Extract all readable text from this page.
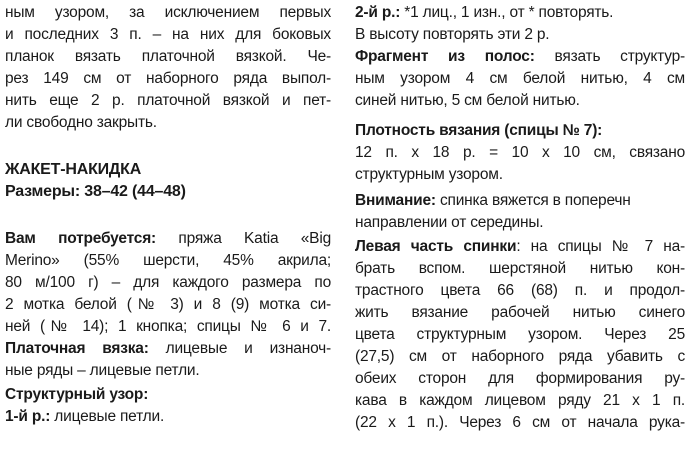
ным узором, за исключением первых
и последних 3 п. – на них для боковых
планок вязать платочной вязкой. Че-
рез 149 см от наборного ряда выпол-
нить еще 2 р. платочной вязкой и пет-
ли свободно закрыть.
ЖАКЕТ-НАКИДКА
Размеры: 38–42 (44–48)
Вам потребуется: пряжа Katia «Big
Merino» (55% шерсти, 45% акрила;
80 м/100 г) – для каждого размера по
2 мотка белой (№ 3) и 8 (9) мотка си-
ней (№ 14); 1 кнопка; спицы № 6 и 7.
Платочная вязка: лицевые и изнаноч-
ные ряды – лицевые петли.
Структурный узор:
1-й р.: лицевые петли.
2-й р.: *1 лиц., 1 изн., от * повторять.
В высоту повторять эти 2 р.
Фрагмент из полос: вязать структур-
ным узором 4 см белой нитью, 4 см
синей нитью, 5 см белой нитью.
Плотность вязания (спицы № 7):
12 п. х 18 р. = 10 х 10 см, связано
структурным узором.
Внимание: спинка вяжется в поперечн
направлении от середины.
Левая часть спинки: на спицы № 7 на-
брать вспом. шерстяной нитью кон-
трастного цвета 66 (68) п. и продол-
жить вязание рабочей нитью синего
цвета структурным узором. Через 25
(27,5) см от наборного ряда убавить с
обеих сторон для формирования ру-
кава в каждом лицевом ряду 21 х 1 п.
(22 х 1 п.). Через 6 см от начала рука-
